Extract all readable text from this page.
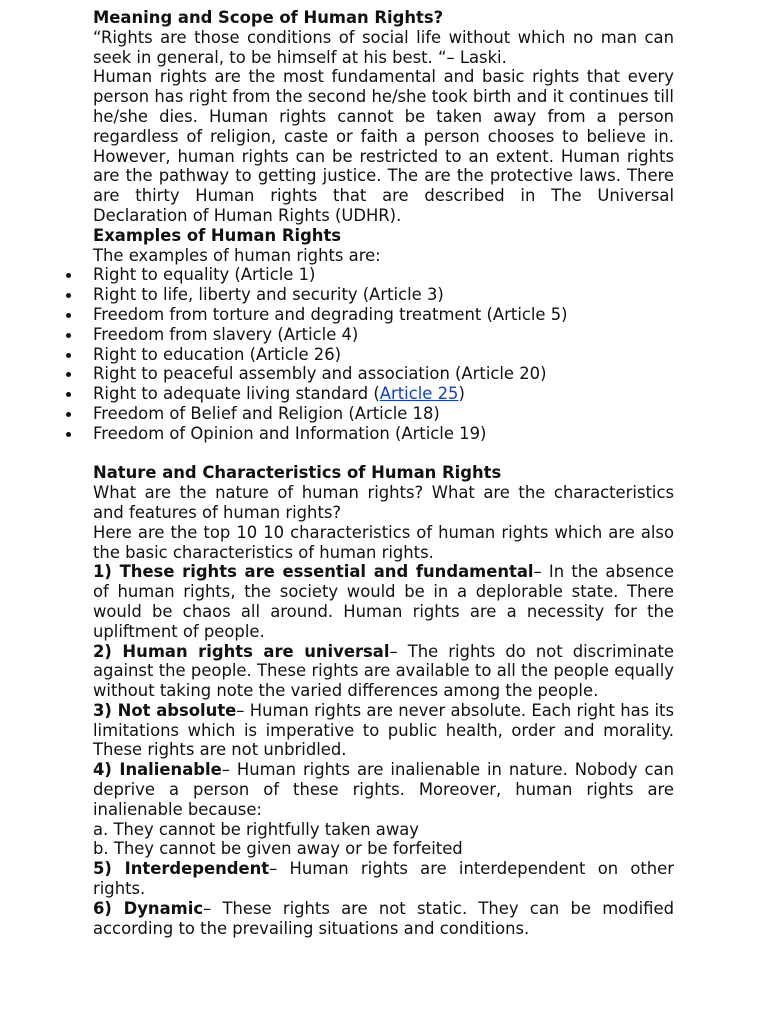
Meaning and Scope of Human Rights?

“Rights are those conditions of social life without which no man can seek in general, to be himself at his best. “– Laski.

Human rights are the most fundamental and basic rights that every person has right from the second he/she took birth and it continues till he/she dies. Human rights cannot be taken away from a person regardless of religion, caste or faith a person chooses to believe in. However, human rights can be restricted to an extent. Human rights are the pathway to getting justice. The are the protective laws. There are thirty Human rights that are described in The Universal Declaration of Human Rights (UDHR).

Examples of Human Rights

The examples of human rights are:

Right to equality (Article 1)
Right to life, liberty and security (Article 3)
Freedom from torture and degrading treatment (Article 5)
Freedom from slavery (Article 4)
Right to education (Article 26)
Right to peaceful assembly and association (Article 20)
Right to adequate living standard (Article 25)
Freedom of Belief and Religion (Article 18)
Freedom of Opinion and Information (Article 19)

Nature and Characteristics of Human Rights

What are the nature of human rights? What are the characteristics and features of human rights?

Here are the top 10 10 characteristics of human rights which are also the basic characteristics of human rights.

1) These rights are essential and fundamental– In the absence of human rights, the society would be in a deplorable state. There would be chaos all around. Human rights are a necessity for the upliftment of people.

2) Human rights are universal– The rights do not discriminate against the people. These rights are available to all the people equally without taking note the varied differences among the people.

3) Not absolute– Human rights are never absolute. Each right has its limitations which is imperative to public health, order and morality. These rights are not unbridled.

4) Inalienable– Human rights are inalienable in nature. Nobody can deprive a person of these rights. Moreover, human rights are inalienable because:

a. They cannot be rightfully taken away

b. They cannot be given away or be forfeited

5) Interdependent– Human rights are interdependent on other rights.

6) Dynamic– These rights are not static. They can be modified according to the prevailing situations and conditions.
